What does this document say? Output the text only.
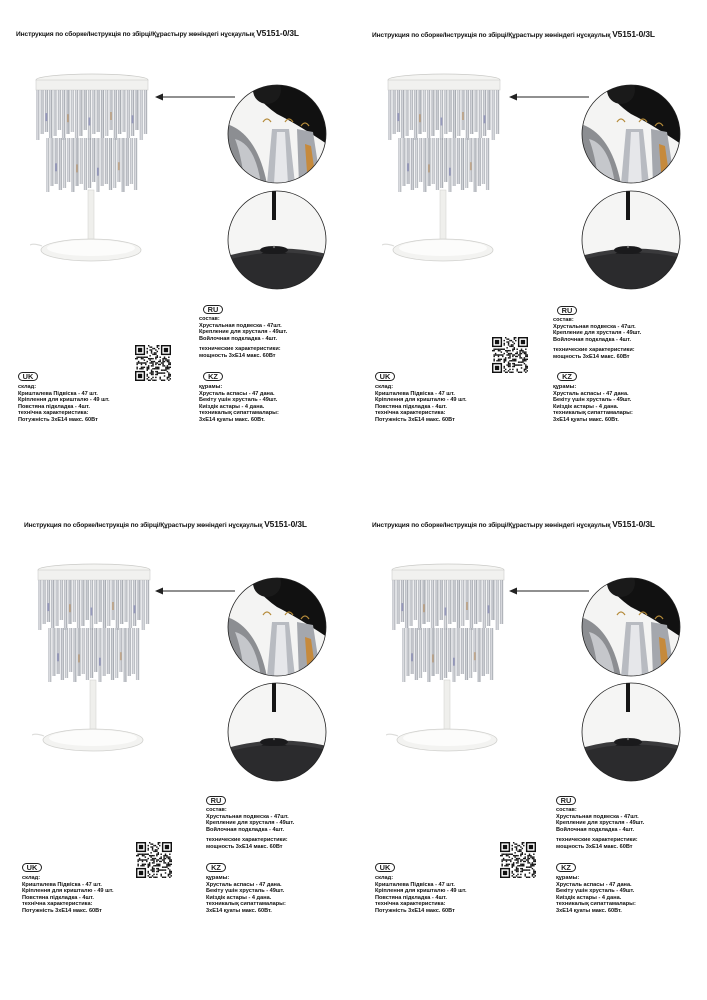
Инструкция по сборке/Інструкція по збірці/Құрастыру жөніндегі нұсқаулық V5151-0/3L
RU
состав:
Хрустальная подвеска - 47шт.
Крепление для хрусталя - 49шт.
Войлочная подкладка - 4шт.
технические характеристики:
мощность 3хЕ14 макс. 60Вт
KZ
құрамы:
Хрусталь аспасы - 47 дана.
Бекіту үшін хрусталь - 49шт.
Киіздік астары - 4 дана.
техникалық сипаттамалары:
3хЕ14 қуаты макс. 60Вт.
UK
склад:
Кришталева Підвіска - 47 шт.
Кріплення для кришталю - 49 шт.
Повстяна підкладка - 4шт.
технічна характеристика:
Потужність 3хЕ14 макс. 60Вт
Инструкция по сборке/Інструкція по збірці/Құрастыру жөніндегі нұсқаулық V5151-0/3L
RU
состав:
Хрустальная подвеска - 47шт.
Крепление для хрусталя - 49шт.
Войлочная подкладка - 4шт.
технические характеристики:
мощность 3хЕ14 макс. 60Вт
KZ
құрамы:
Хрусталь аспасы - 47 дана.
Бекіту үшін хрусталь - 49шт.
Киіздік астары - 4 дана.
техникалық сипаттамалары:
3хЕ14 қуаты макс. 60Вт.
UK
склад:
Кришталева Підвіска - 47 шт.
Кріплення для кришталю - 49 шт.
Повстяна підкладка - 4шт.
технічна характеристика:
Потужність 3хЕ14 макс. 60Вт
Инструкция по сборке/Інструкція по збірці/Құрастыру жөніндегі нұсқаулық V5151-0/3L
RU
состав:
Хрустальная подвеска - 47шт.
Крепление для хрусталя - 49шт.
Войлочная подкладка - 4шт.
технические характеристики:
мощность 3хЕ14 макс. 60Вт
KZ
құрамы:
Хрусталь аспасы - 47 дана.
Бекіту үшін хрусталь - 49шт.
Киіздік астары - 4 дана.
техникалық сипаттамалары:
3хЕ14 қуаты макс. 60Вт.
UK
склад:
Кришталева Підвіска - 47 шт.
Кріплення для кришталю - 49 шт.
Повстяна підкладка - 4шт.
технічна характеристика:
Потужність 3хЕ14 макс. 60Вт
Инструкция по сборке/Інструкція по збірці/Құрастыру жөніндегі нұсқаулық V5151-0/3L
RU
состав:
Хрустальная подвеска - 47шт.
Крепление для хрусталя - 49шт.
Войлочная подкладка - 4шт.
технические характеристики:
мощность 3хЕ14 макс. 60Вт
KZ
құрамы:
Хрусталь аспасы - 47 дана.
Бекіту үшін хрусталь - 49шт.
Киіздік астары - 4 дана.
техникалық сипаттамалары:
3хЕ14 қуаты макс. 60Вт.
UK
склад:
Кришталева Підвіска - 47 шт.
Кріплення для кришталю - 49 шт.
Повстяна підкладка - 4шт.
технічна характеристика:
Потужність 3хЕ14 макс. 60Вт
